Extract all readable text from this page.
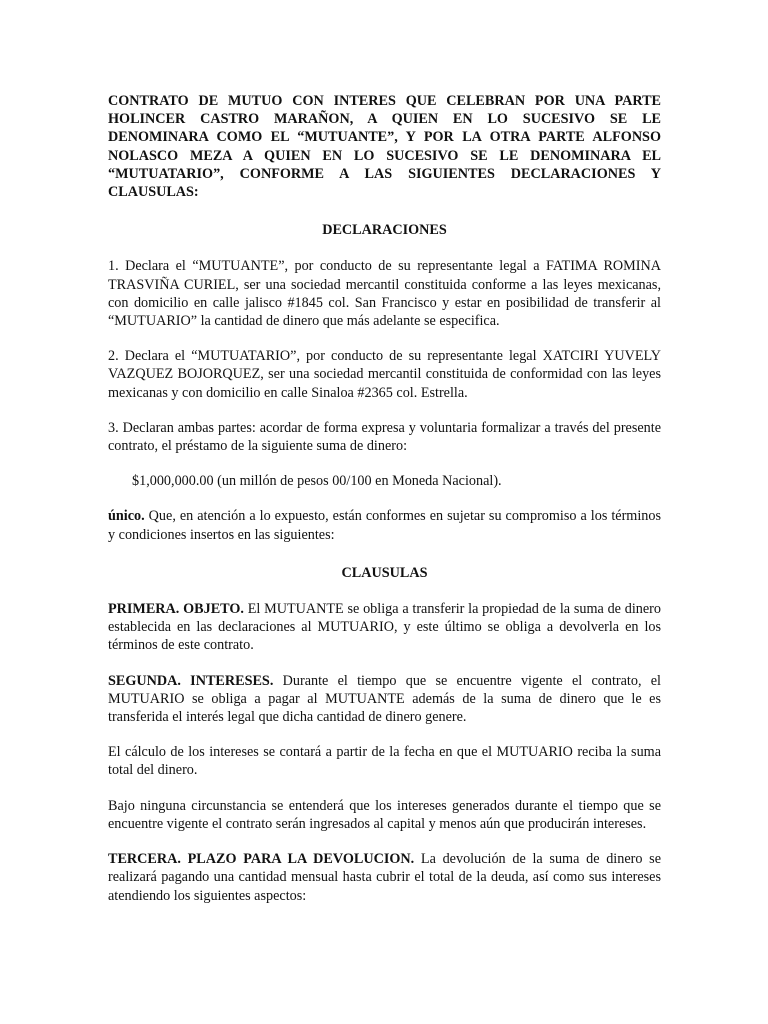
CONTRATO DE MUTUO CON INTERES QUE CELEBRAN POR UNA PARTE HOLINCER CASTRO MARAÑON, A QUIEN EN LO SUCESIVO SE LE DENOMINARA COMO EL “MUTUANTE”, Y POR LA OTRA PARTE ALFONSO NOLASCO MEZA A QUIEN EN LO SUCESIVO SE LE DENOMINARA EL “MUTUATARIO”, CONFORME A LAS SIGUIENTES DECLARACIONES Y CLAUSULAS:

DECLARACIONES

1. Declara el “MUTUANTE”, por conducto de su representante legal a FATIMA ROMINA TRASVIÑA CURIEL, ser una sociedad mercantil constituida conforme a las leyes mexicanas, con domicilio en calle jalisco #1845 col. San Francisco y estar en posibilidad de transferir al “MUTUARIO” la cantidad de dinero que más adelante se especifica.

2. Declara el “MUTUATARIO”, por conducto de su representante legal XATCIRI YUVELY VAZQUEZ BOJORQUEZ, ser una sociedad mercantil constituida de conformidad con las leyes mexicanas y con domicilio en calle Sinaloa #2365 col. Estrella.

3. Declaran ambas partes: acordar de forma expresa y voluntaria formalizar a través del presente contrato, el préstamo de la siguiente suma de dinero:

$1,000,000.00 (un millón de pesos 00/100 en Moneda Nacional).

único. Que, en atención a lo expuesto, están conformes en sujetar su compromiso a los términos y condiciones insertos en las siguientes:

CLAUSULAS

PRIMERA. OBJETO. El MUTUANTE se obliga a transferir la propiedad de la suma de dinero establecida en las declaraciones al MUTUARIO, y este último se obliga a devolverla en los términos de este contrato.

SEGUNDA. INTERESES. Durante el tiempo que se encuentre vigente el contrato, el MUTUARIO se obliga a pagar al MUTUANTE además de la suma de dinero que le es transferida el interés legal que dicha cantidad de dinero genere.

El cálculo de los intereses se contará a partir de la fecha en que el MUTUARIO reciba la suma total del dinero.

Bajo ninguna circunstancia se entenderá que los intereses generados durante el tiempo que se encuentre vigente el contrato serán ingresados al capital y menos aún que producirán intereses.

TERCERA. PLAZO PARA LA DEVOLUCION. La devolución de la suma de dinero se realizará pagando una cantidad mensual hasta cubrir el total de la deuda, así como sus intereses atendiendo los siguientes aspectos:
